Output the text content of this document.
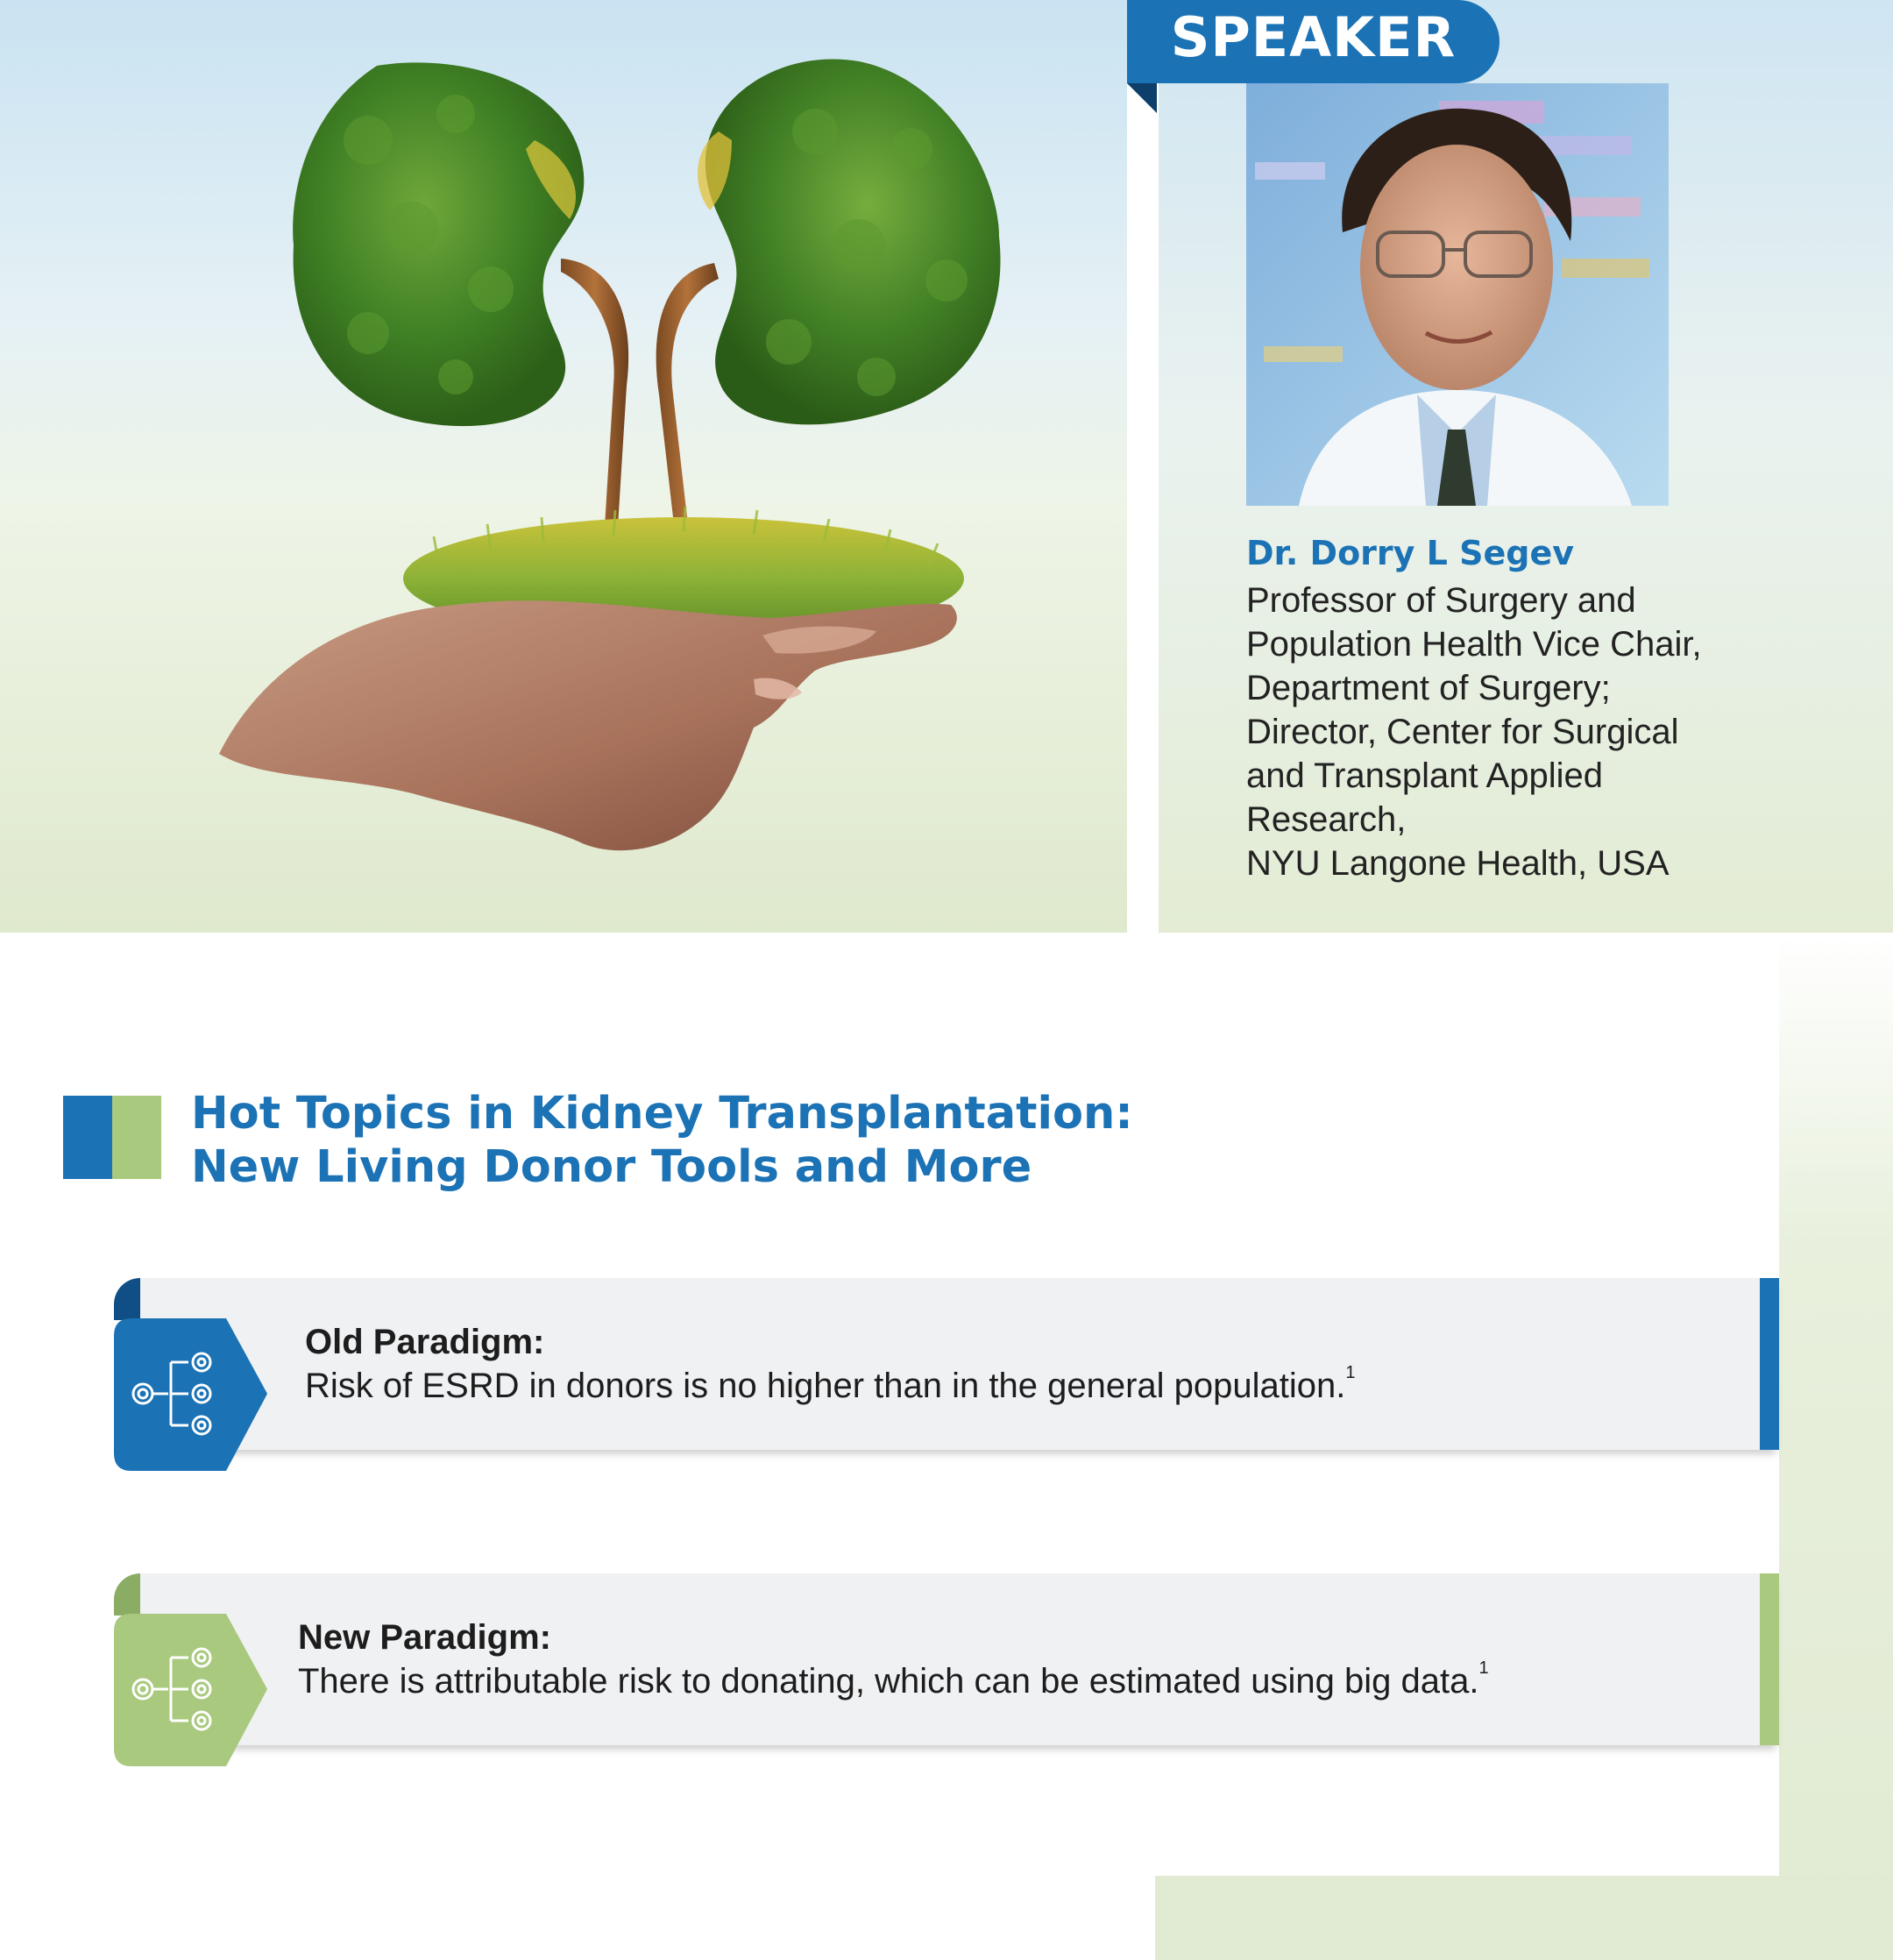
SPEAKER
Dr. Dorry L Segev
Professor of Surgery and
Population Health Vice Chair,
Department of Surgery;
Director, Center for Surgical
and Transplant Applied
Research,
NYU Langone Health, USA
Hot Topics in Kidney Transplantation:
New Living Donor Tools and More
Old Paradigm:
Risk of ESRD in donors is no higher than in the general population.$^1$
New Paradigm:
There is attributable risk to donating, which can be estimated using big data.$^1$
